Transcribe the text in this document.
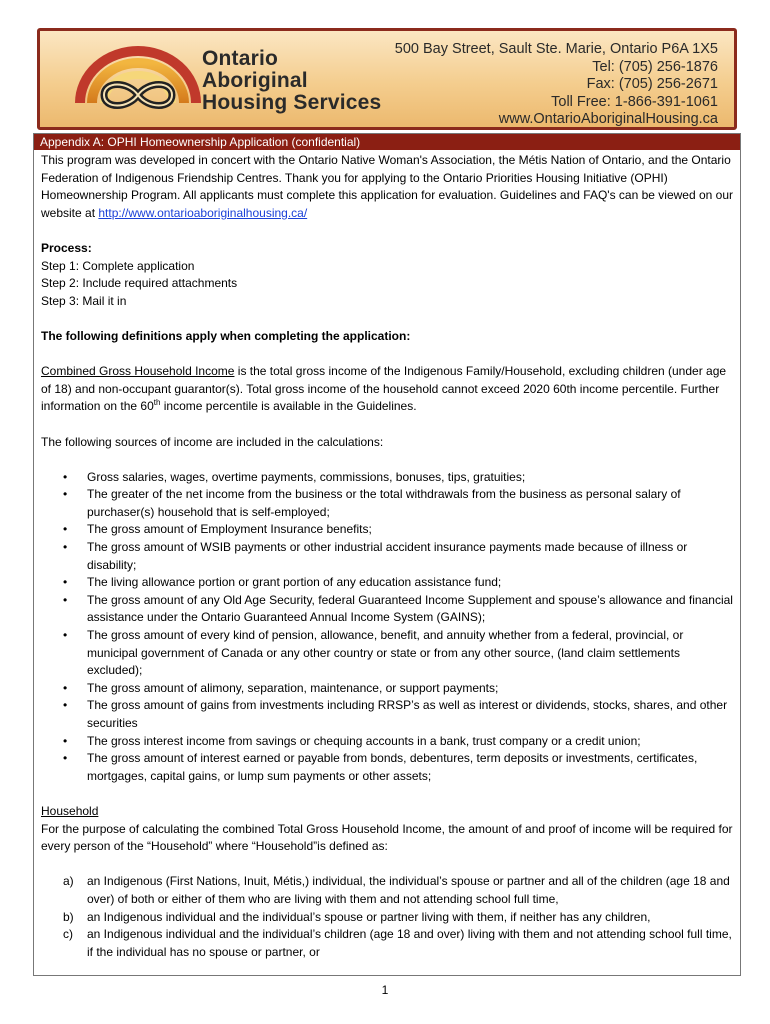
Ontario
Aboriginal
Housing Services
500 Bay Street, Sault Ste. Marie, Ontario P6A 1X5
Tel: (705) 256-1876
Fax: (705) 256-2671
Toll Free: 1-866-391-1061
www.OntarioAboriginalHousing.ca
Appendix A: OPHI Homeownership Application (confidential)

This program was developed in concert with the Ontario Native Woman's Association, the Métis Nation of Ontario, and the Ontario Federation of Indigenous Friendship Centres. Thank you for applying to the Ontario Priorities Housing Initiative (OPHI) Homeownership Program. All applicants must complete this application for evaluation. Guidelines and FAQ's can be viewed on our website at http://www.ontarioaboriginalhousing.ca/

Process:

Step 1: Complete application

Step 2: Include required attachments

Step 3: Mail it in

The following definitions apply when completing the application:

Combined Gross Household Income is the total gross income of the Indigenous Family/Household, excluding children (under age of 18) and non-occupant guarantor(s). Total gross income of the household cannot exceed 2020 60th income percentile. Further information on the 60th income percentile is available in the Guidelines.

The following sources of income are included in the calculations:

• Gross salaries, wages, overtime payments, commissions, bonuses, tips, gratuities;
• The greater of the net income from the business or the total withdrawals from the business as personal salary of purchaser(s) household that is self-employed;
• The gross amount of Employment Insurance benefits;
• The gross amount of WSIB payments or other industrial accident insurance payments made because of illness or disability;
• The living allowance portion or grant portion of any education assistance fund;
• The gross amount of any Old Age Security, federal Guaranteed Income Supplement and spouse’s allowance and financial assistance under the Ontario Guaranteed Annual Income System (GAINS);
• The gross amount of every kind of pension, allowance, benefit, and annuity whether from a federal, provincial, or municipal government of Canada or any other country or state or from any other source, (land claim settlements excluded);
• The gross amount of alimony, separation, maintenance, or support payments;
• The gross amount of gains from investments including RRSP’s as well as interest or dividends, stocks, shares, and other securities
• The gross interest income from savings or chequing accounts in a bank, trust company or a credit union;
• The gross amount of interest earned or payable from bonds, debentures, term deposits or investments, certificates, mortgages, capital gains, or lump sum payments or other assets;

Household

For the purpose of calculating the combined Total Gross Household Income, the amount of and proof of income will be required for every person of the “Household” where “Household”is defined as:

a) an Indigenous (First Nations, Inuit, Métis,) individual, the individual’s spouse or partner and all of the children (age 18 and over) of both or either of them who are living with them and not attending school full time,
b) an Indigenous individual and the individual’s spouse or partner living with them, if neither has any children,
c) an Indigenous individual and the individual’s children (age 18 and over) living with them and not attending school full time, if the individual has no spouse or partner, or
1
